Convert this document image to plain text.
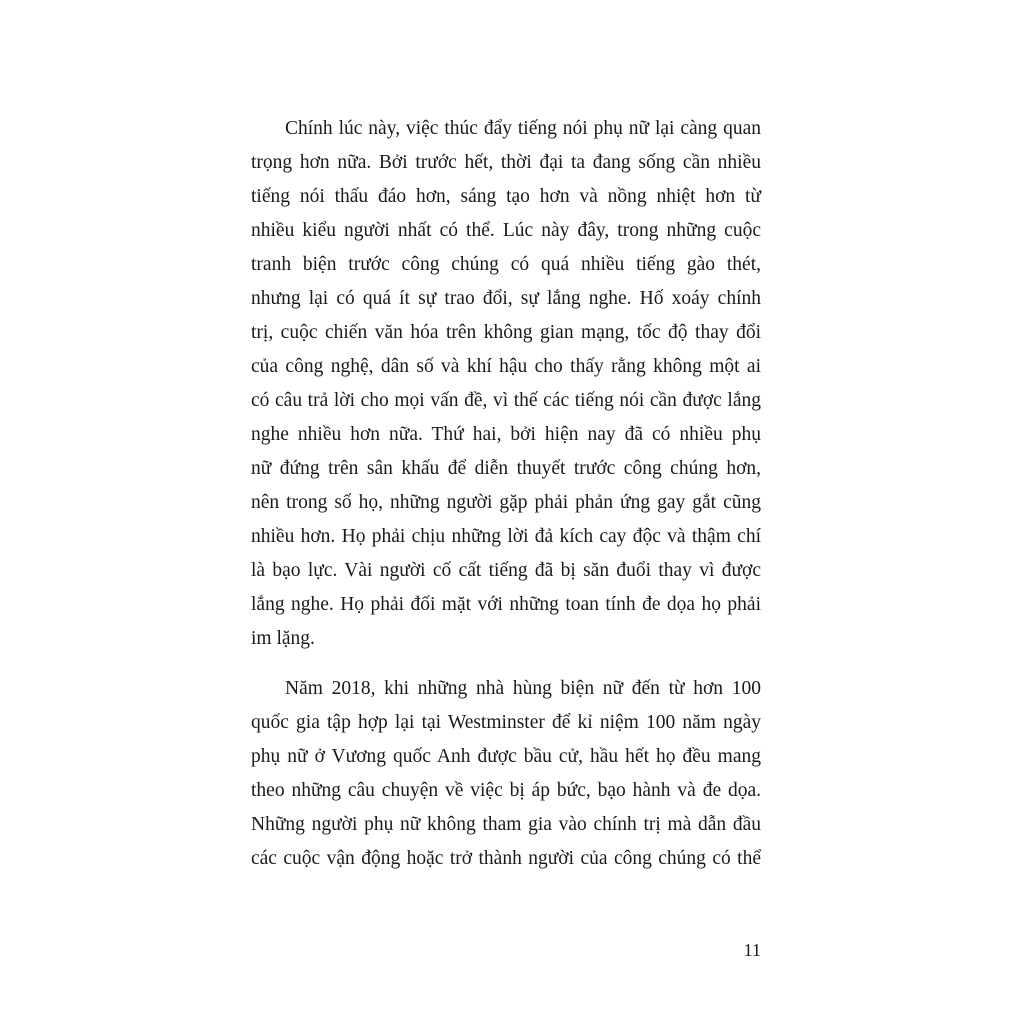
Chính lúc này, việc thúc đẩy tiếng nói phụ nữ lại càng quan
trọng hơn nữa. Bởi trước hết, thời đại ta đang sống cần nhiều
tiếng nói thấu đáo hơn, sáng tạo hơn và nồng nhiệt hơn từ
nhiều kiểu người nhất có thể. Lúc này đây, trong những cuộc
tranh biện trước công chúng có quá nhiều tiếng gào thét,
nhưng lại có quá ít sự trao đổi, sự lắng nghe. Hố xoáy chính
trị, cuộc chiến văn hóa trên không gian mạng, tốc độ thay đổi
của công nghệ, dân số và khí hậu cho thấy rằng không một ai
có câu trả lời cho mọi vấn đề, vì thế các tiếng nói cần được lắng
nghe nhiều hơn nữa. Thứ hai, bởi hiện nay đã có nhiều phụ
nữ đứng trên sân khấu để diễn thuyết trước công chúng hơn,
nên trong số họ, những người gặp phải phản ứng gay gắt cũng
nhiều hơn. Họ phải chịu những lời đả kích cay độc và thậm chí
là bạo lực. Vài người cố cất tiếng đã bị săn đuổi thay vì được
lắng nghe. Họ phải đối mặt với những toan tính đe dọa họ phải
im lặng.
Năm 2018, khi những nhà hùng biện nữ đến từ hơn 100
quốc gia tập hợp lại tại Westminster để kỉ niệm 100 năm ngày
phụ nữ ở Vương quốc Anh được bầu cử, hầu hết họ đều mang
theo những câu chuyện về việc bị áp bức, bạo hành và đe dọa.
Những người phụ nữ không tham gia vào chính trị mà dẫn đầu
các cuộc vận động hoặc trở thành người của công chúng có thể
11
